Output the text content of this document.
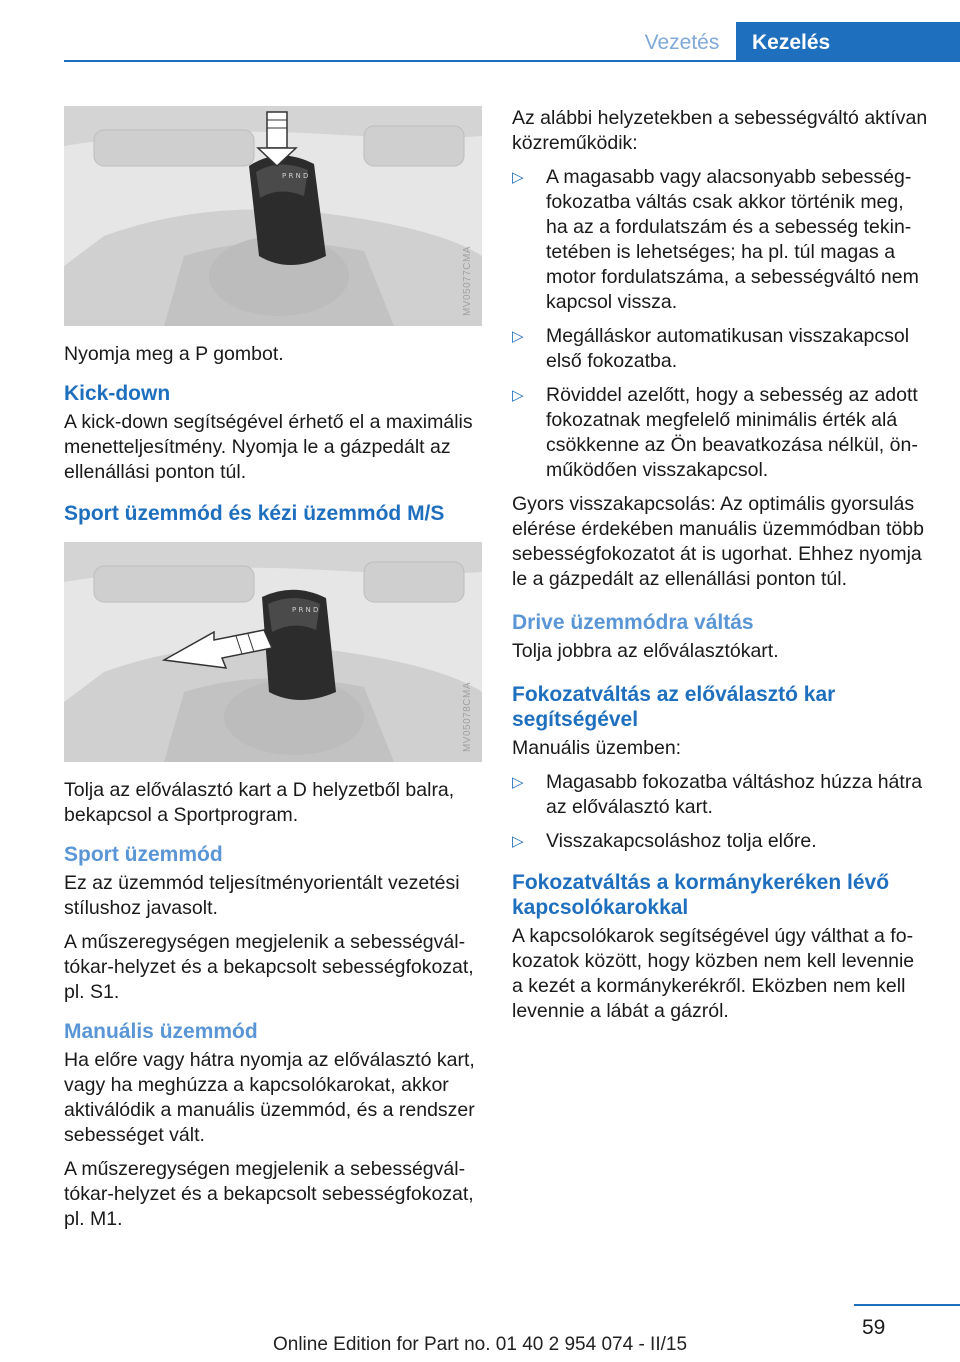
Vezetés	Kezelés
P R N D
MV05077CMA

Nyomja meg a P gombot.

Kick-down

A kick-down segítségével érhető el a maximális menetteljesítmény. Nyomja le a gázpedált az ellenállási ponton túl.

Sport üzemmód és kézi üzemmód M/S
P R N D
MV05078CMA

Tolja az előválasztó kart a D helyzetből balra, bekapcsol a Sportprogram.

Sport üzemmód

Ez az üzemmód teljesítményorientált vezetési stílushoz javasolt.

A műszeregységen megjelenik a sebességváltókar-helyzet és a bekapcsolt sebességfokozat, pl. S1.

Manuális üzemmód

Ha előre vagy hátra nyomja az előválasztó kart, vagy ha meghúzza a kapcsolókarokat, akkor aktiválódik a manuális üzemmód, és a rendszer sebességet vált.

A műszeregységen megjelenik a sebességváltókar-helyzet és a bekapcsolt sebességfokozat, pl. M1.

Az alábbi helyzetekben a sebességváltó aktívan közreműködik:

▷ A magasabb vagy alacsonyabb sebességfokozatba váltás csak akkor történik meg, ha az a fordulatszám és a sebesség tekintetében is lehetséges; ha pl. túl magas a motor fordulatszáma, a sebességváltó nem kapcsol vissza.
▷ Megálláskor automatikusan visszakapcsol első fokozatba.
▷ Röviddel azelőtt, hogy a sebesség az adott fokozatnak megfelelő minimális érték alá csökkenne az Ön beavatkozása nélkül, önműködően visszakapcsol.

Gyors visszakapcsolás: Az optimális gyorsulás elérése érdekében manuális üzemmódban több sebességfokozatot át is ugorhat. Ehhez nyomja le a gázpedált az ellenállási ponton túl.

Drive üzemmódra váltás

Tolja jobbra az előválasztókart.

Fokozatváltás az előválasztó kar segítségével

Manuális üzemben:

▷ Magasabb fokozatba váltáshoz húzza hátra az előválasztó kart.
▷ Visszakapcsoláshoz tolja előre.
Fokozatváltás a kormánykeréken lévő kapcsolókarokkal

A kapcsolókarok segítségével úgy válthat a fokozatok között, hogy közben nem kell levennie a kezét a kormánykerékről. Eközben nem kell levennie a lábát a gázról.

59
Online Edition for Part no. 01 40 2 954 074 - II/15
